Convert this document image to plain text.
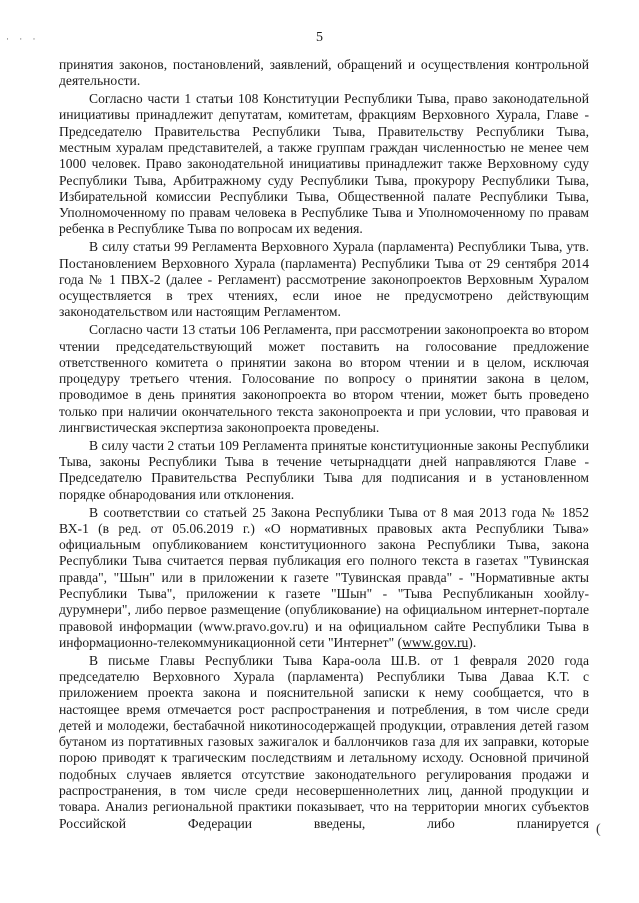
· · ·	5

принятия законов, постановлений, заявлений, обращений и осуществления контрольной деятельности.

Согласно части 1 статьи 108 Конституции Республики Тыва, право законодательной инициативы принадлежит депутатам, комитетам, фракциям Верховного Хурала, Главе - Председателю Правительства Республики Тыва, Правительству Республики Тыва, местным хуралам представителей, а также группам граждан численностью не менее чем 1000 человек. Право законодательной инициативы принадлежит также Верховному суду Республики Тыва, Арбитражному суду Республики Тыва, прокурору Республики Тыва, Избирательной комиссии Республики Тыва, Общественной палате Республики Тыва, Уполномоченному по правам человека в Республике Тыва и Уполномоченному по правам ребенка в Республике Тыва по вопросам их ведения.

В силу статьи 99 Регламента Верховного Хурала (парламента) Республики Тыва, утв. Постановлением Верховного Хурала (парламента) Республики Тыва от 29 сентября 2014 года № 1 ПВХ-2 (далее - Регламент) рассмотрение законопроектов Верховным Хуралом осуществляется в трех чтениях, если иное не предусмотрено действующим законодательством или настоящим Регламентом.

Согласно части 13 статьи 106 Регламента, при рассмотрении законопроекта во втором чтении председательствующий может поставить на голосование предложение ответственного комитета о принятии закона во втором чтении и в целом, исключая процедуру третьего чтения. Голосование по вопросу о принятии закона в целом, проводимое в день принятия законопроекта во втором чтении, может быть проведено только при наличии окончательного текста законопроекта и при условии, что правовая и лингвистическая экспертиза законопроекта проведены.

В силу части 2 статьи 109 Регламента принятые конституционные законы Республики Тыва, законы Республики Тыва в течение четырнадцати дней направляются Главе - Председателю Правительства Республики Тыва для подписания и в установленном порядке обнародования или отклонения.

В соответствии со статьей 25 Закона Республики Тыва от 8 мая 2013 года № 1852 ВХ-1 (в ред. от 05.06.2019 г.) «О нормативных правовых акта Республики Тыва» официальным опубликованием конституционного закона Республики Тыва, закона Республики Тыва считается первая публикация его полного текста в газетах "Тувинская правда", "Шын" или в приложении к газете "Тувинская правда" - "Нормативные акты Республики Тыва", приложении к газете "Шын" - "Тыва Республиканын хоойлу-дурумнери", либо первое размещение (опубликование) на официальном интернет-портале правовой информации (www.pravo.gov.ru) и на официальном сайте Республики Тыва в информационно-телекоммуникационной сети "Интернет" (www.gov.ru).

В письме Главы Республики Тыва Кара-оола Ш.В. от 1 февраля 2020 года председателю Верховного Хурала (парламента) Республики Тыва Даваа К.Т. с приложением проекта закона и пояснительной записки к нему сообщается, что в настоящее время отмечается рост распространения и потребления, в том числе среди детей и молодежи, бестабачной никотиносодержащей продукции, отравления детей газом бутаном из портативных газовых зажигалок и баллончиков газа для их заправки, которые порою приводят к трагическим последствиям и летальному исходу. Основной причиной подобных случаев является отсутствие законодательного регулирования продажи и распространения, в том числе среди несовершеннолетних лиц, данной продукции и товара. Анализ региональной практики показывает, что на территории многих субъектов Российской Федерации введены, либо планируется (
